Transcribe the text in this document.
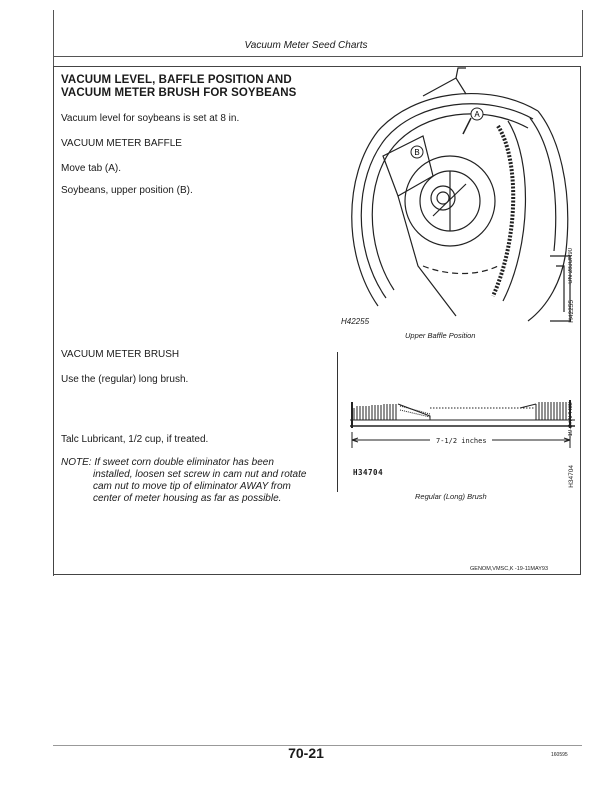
Vacuum Meter Seed Charts
VACUUM LEVEL, BAFFLE POSITION AND
VACUUM METER BRUSH FOR SOYBEANS
Vacuum level for soybeans is set at 8 in.
VACUUM METER BAFFLE
Move tab (A).
Soybeans, upper position (B).
VACUUM METER BRUSH
Use the (regular) long brush.
Talc Lubricant, 1/2 cup, if treated.
NOTE: If sweet corn double eliminator has been
installed, loosen set screw in cam nut and rotate
cam nut to move tip of eliminator AWAY from
center of meter housing as far as possible.
A
B
H42255
Upper Baffle Position
-UN-28JUN90
H42255
7-1/2 inches
H34704
Regular (Long) Brush
-19-27APR89
H34704
GENOM,VMSC,K -19-11MAY93
70-21	160595
